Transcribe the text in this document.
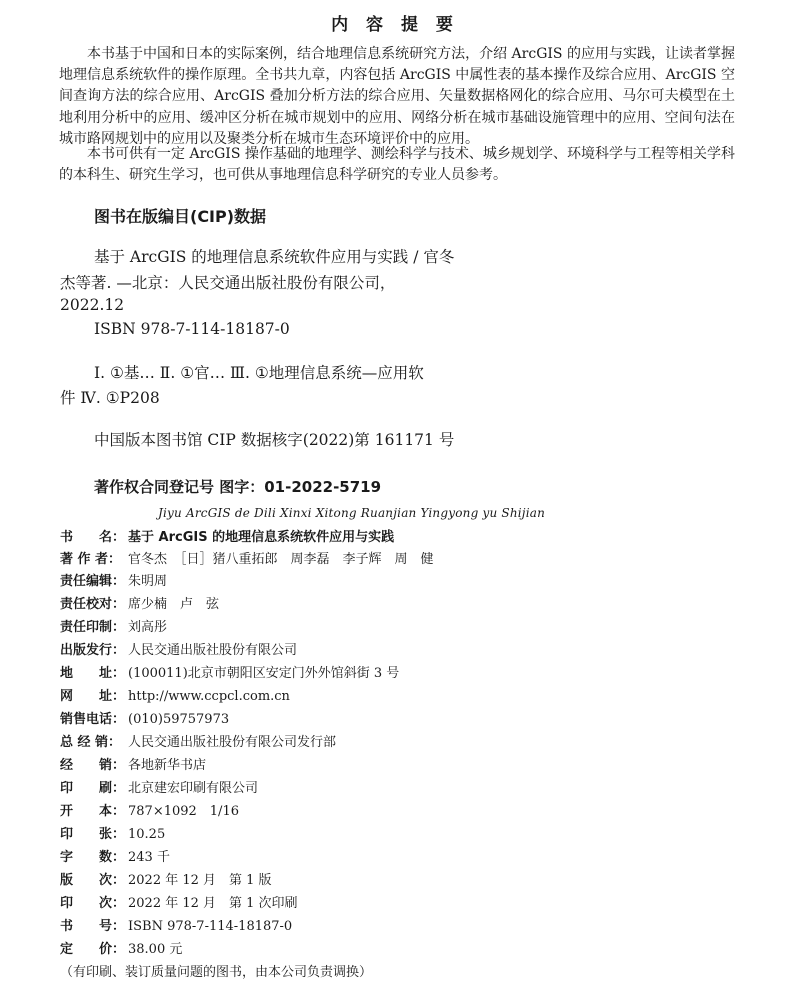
内 容 提 要
本书基于中国和日本的实际案例，结合地理信息系统研究方法，介绍 ArcGIS 的应用与实践，让读者掌握地理信息系统软件的操作原理。全书共九章，内容包括 ArcGIS 中属性表的基本操作及综合应用、ArcGIS 空间查询方法的综合应用、ArcGIS 叠加分析方法的综合应用、矢量数据格网化的综合应用、马尔可夫模型在土地利用分析中的应用、缓冲区分析在城市规划中的应用、网络分析在城市基础设施管理中的应用、空间句法在城市路网规划中的应用以及聚类分析在城市生态环境评价中的应用。
本书可供有一定 ArcGIS 操作基础的地理学、测绘科学与技术、城乡规划学、环境科学与工程等相关学科的本科生、研究生学习，也可供从事地理信息科学研究的专业人员参考。
图书在版编目(CIP)数据
基于 ArcGIS 的地理信息系统软件应用与实践 / 官冬
杰等著. —北京：人民交通出版社股份有限公司，
2022.12
ISBN 978-7-114-18187-0
Ⅰ. ①基… Ⅱ. ①官… Ⅲ. ①地理信息系统—应用软
件 Ⅳ. ①P208
中国版本图书馆 CIP 数据核字(2022)第 161171 号
著作权合同登记号 图字：01-2022-5719
Jiyu ArcGIS de Dili Xinxi Xitong Ruanjian Yingyong yu Shijian
书　　名： 基于 ArcGIS 的地理信息系统软件应用与实践
著 作 者： 官冬杰　［日］猪八重拓郎　周李磊　李子辉　周　健
责任编辑： 朱明周
责任校对： 席少楠　卢　弦
责任印制： 刘高彤
出版发行： 人民交通出版社股份有限公司
地　　址： (100011)北京市朝阳区安定门外外馆斜街 3 号
网　　址： http://www.ccpcl.com.cn
销售电话： (010)59757973
总 经 销： 人民交通出版社股份有限公司发行部
经　　销： 各地新华书店
印　　刷： 北京建宏印刷有限公司
开　　本： 787×1092　1/16
印　　张： 10.25
字　　数： 243 千
版　　次： 2022 年 12 月　第 1 版
印　　次： 2022 年 12 月　第 1 次印刷
书　　号： ISBN 978-7-114-18187-0
定　　价： 38.00 元
（有印刷、装订质量问题的图书，由本公司负责调换）
